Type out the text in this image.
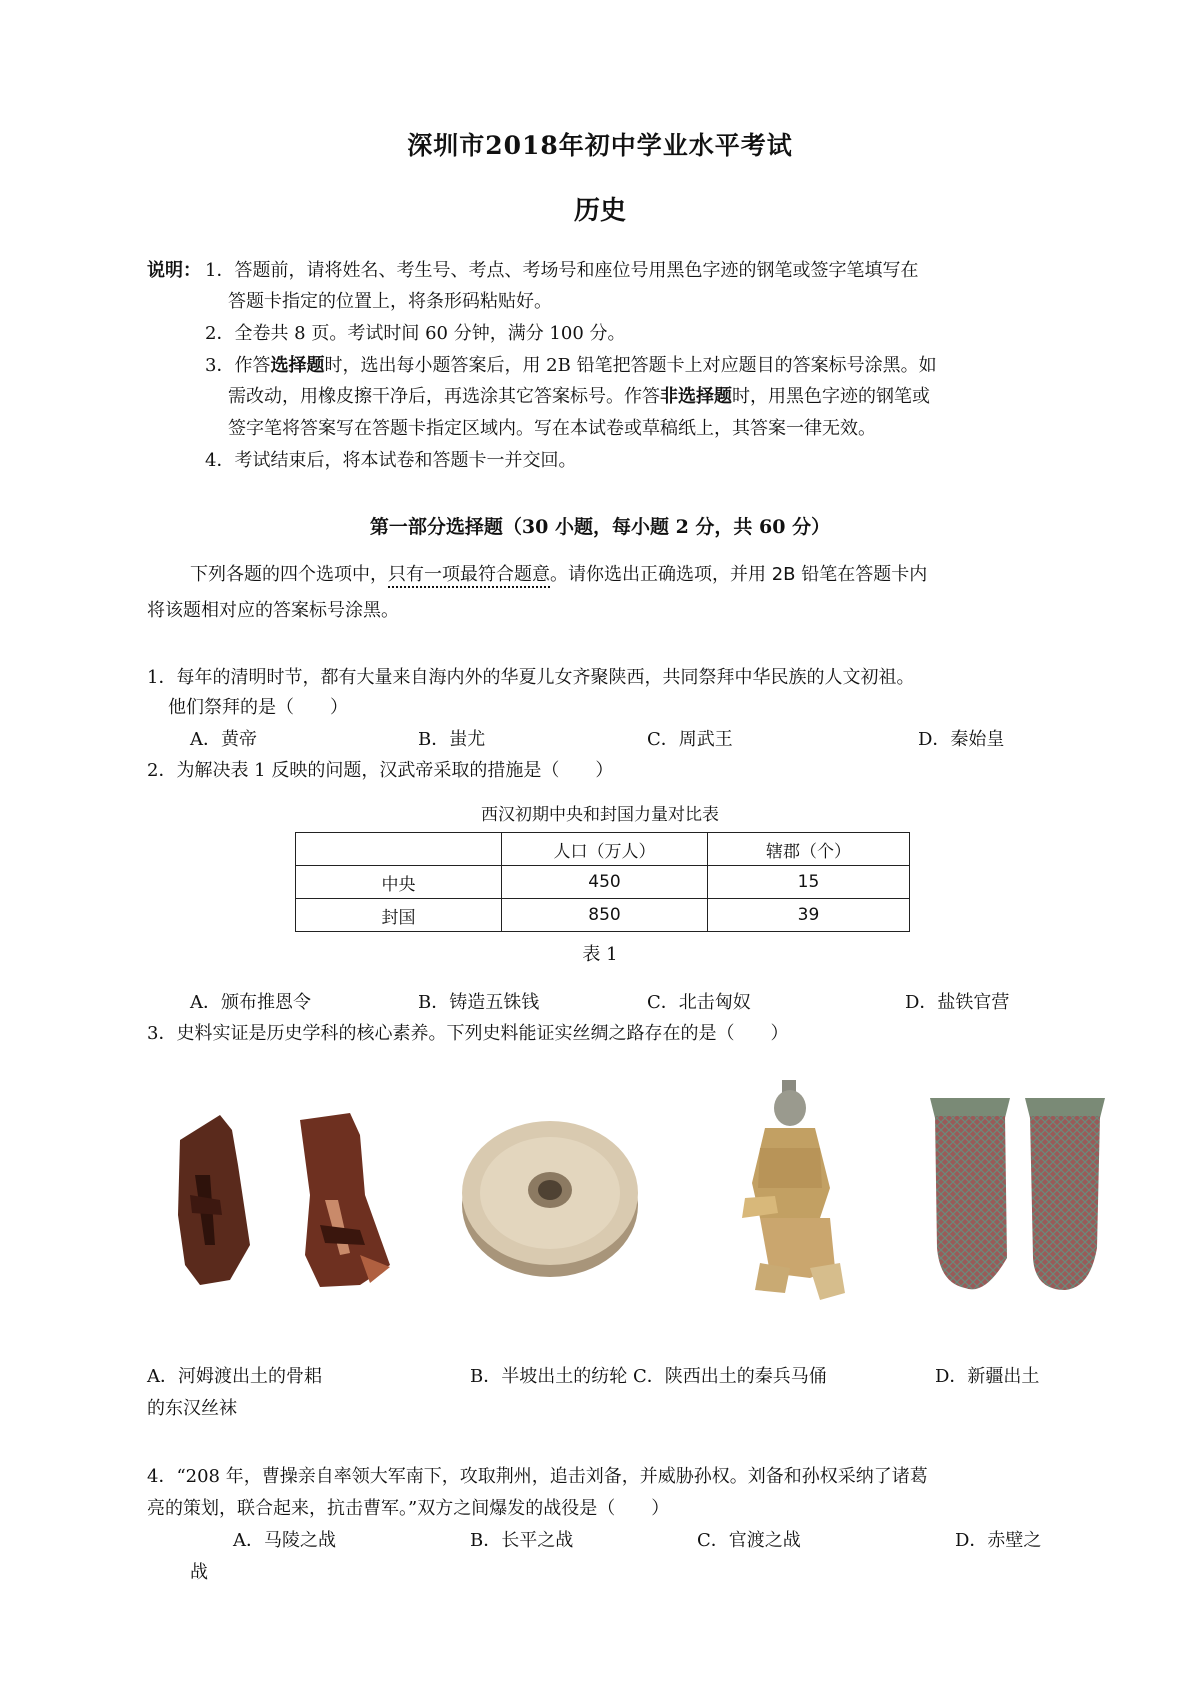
深圳市2018年初中学业水平考试
历史
说明： 1．答题前，请将姓名、考生号、考点、考场号和座位号用黑色字迹的钢笔或签字笔填写在
答题卡指定的位置上，将条形码粘贴好。
2．全卷共 8 页。考试时间 60 分钟，满分 100 分。
3．作答选择题时，选出每小题答案后，用 2B 铅笔把答题卡上对应题目的答案标号涂黑。如
需改动，用橡皮擦干净后，再选涂其它答案标号。作答非选择题时，用黑色字迹的钢笔或
签字笔将答案写在答题卡指定区域内。写在本试卷或草稿纸上，其答案一律无效。
4．考试结束后，将本试卷和答题卡一并交回。
第一部分选择题（30 小题，每小题 2 分，共 60 分）
下列各题的四个选项中，只有一项最符合题意。请你选出正确选项，并用 2B 铅笔在答题卡内
将该题相对应的答案标号涂黑。
1．每年的清明时节，都有大量来自海内外的华夏儿女齐聚陕西，共同祭拜中华民族的人文初祖。
他们祭拜的是（　　）
A．黄帝	B．蚩尤	C．周武王	D．秦始皇
2．为解决表 1 反映的问题，汉武帝采取的措施是（　　）
西汉初期中央和封国力量对比表
	人口（万人）	辖郡（个）
中央	450	15
封国	850	39
表 1
A．颁布推恩令	B．铸造五铢钱	C．北击匈奴	D．盐铁官营
3．史料实证是历史学科的核心素养。下列史料能证实丝绸之路存在的是（　　）
A．河姆渡出土的骨耜	B．半坡出土的纺轮 C．陕西出土的秦兵马俑	D．新疆出土
的东汉丝袜
4．“208 年，曹操亲自率领大军南下，攻取荆州，追击刘备，并威胁孙权。刘备和孙权采纳了诸葛
亮的策划，联合起来，抗击曹军。”双方之间爆发的战役是（　　）
A．马陵之战	B．长平之战	C．官渡之战	D．赤壁之
战
